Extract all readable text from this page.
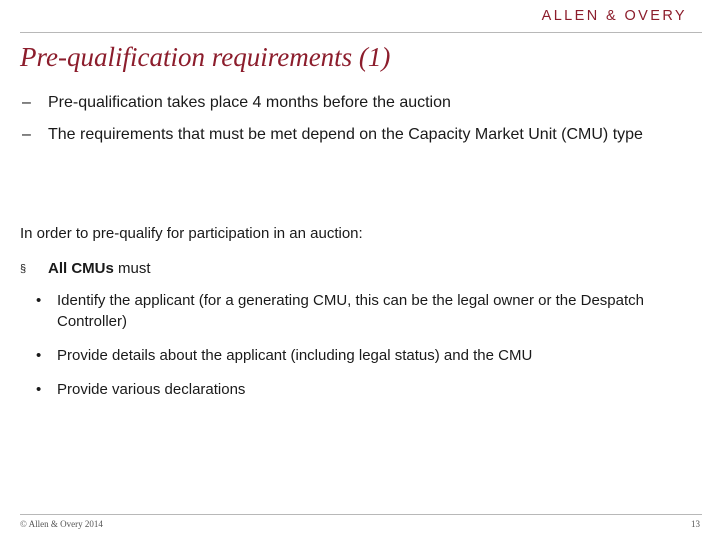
ALLEN & OVERY
Pre-qualification requirements (1)
– Pre-qualification takes place 4 months before the auction
– The requirements that must be met depend on the Capacity Market Unit (CMU) type

In order to pre-qualify for participation in an auction:

§ All CMUs must

• Identify the applicant (for a generating CMU, this can be the legal owner or the Despatch Controller)
• Provide details about the applicant (including legal status) and the CMU
• Provide various declarations
© Allen & Overy 2014	13
